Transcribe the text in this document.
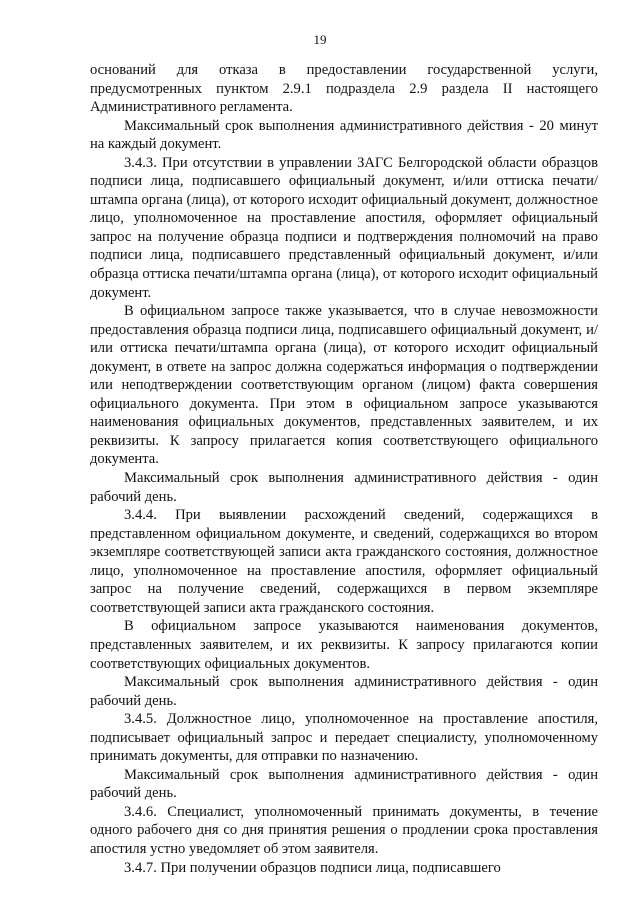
19

оснований для отказа в предоставлении государственной услуги, предусмотренных пунктом 2.9.1 подраздела 2.9 раздела II настоящего Административного регламента.

Максимальный срок выполнения административного действия - 20 минут на каждый документ.

3.4.3. При отсутствии в управлении ЗАГС Белгородской области образцов подписи лица, подписавшего официальный документ, и/или оттиска печати/штампа органа (лица), от которого исходит официальный документ, должностное лицо, уполномоченное на проставление апостиля, оформляет официальный запрос на получение образца подписи и подтверждения полномочий на право подписи лица, подписавшего представленный официальный документ, и/или образца оттиска печати/штампа органа (лица), от которого исходит официальный документ.

В официальном запросе также указывается, что в случае невозможности предоставления образца подписи лица, подписавшего официальный документ, и/или оттиска печати/штампа органа (лица), от которого исходит официальный документ, в ответе на запрос должна содержаться информация о подтверждении или неподтверждении соответствующим органом (лицом) факта совершения официального документа. При этом в официальном запросе указываются наименования официальных документов, представленных заявителем, и их реквизиты. К запросу прилагается копия соответствующего официального документа.

Максимальный срок выполнения административного действия - один рабочий день.

3.4.4. При выявлении расхождений сведений, содержащихся в представленном официальном документе, и сведений, содержащихся во втором экземпляре соответствующей записи акта гражданского состояния, должностное лицо, уполномоченное на проставление апостиля, оформляет официальный запрос на получение сведений, содержащихся в первом экземпляре соответствующей записи акта гражданского состояния.

В официальном запросе указываются наименования документов, представленных заявителем, и их реквизиты. К запросу прилагаются копии соответствующих официальных документов.

Максимальный срок выполнения административного действия - один рабочий день.

3.4.5. Должностное лицо, уполномоченное на проставление апостиля, подписывает официальный запрос и передает специалисту, уполномоченному принимать документы, для отправки по назначению.

Максимальный срок выполнения административного действия - один рабочий день.

3.4.6. Специалист, уполномоченный принимать документы, в течение одного рабочего дня со дня принятия решения о продлении срока проставления апостиля устно уведомляет об этом заявителя.

3.4.7. При получении образцов подписи лица, подписавшего
